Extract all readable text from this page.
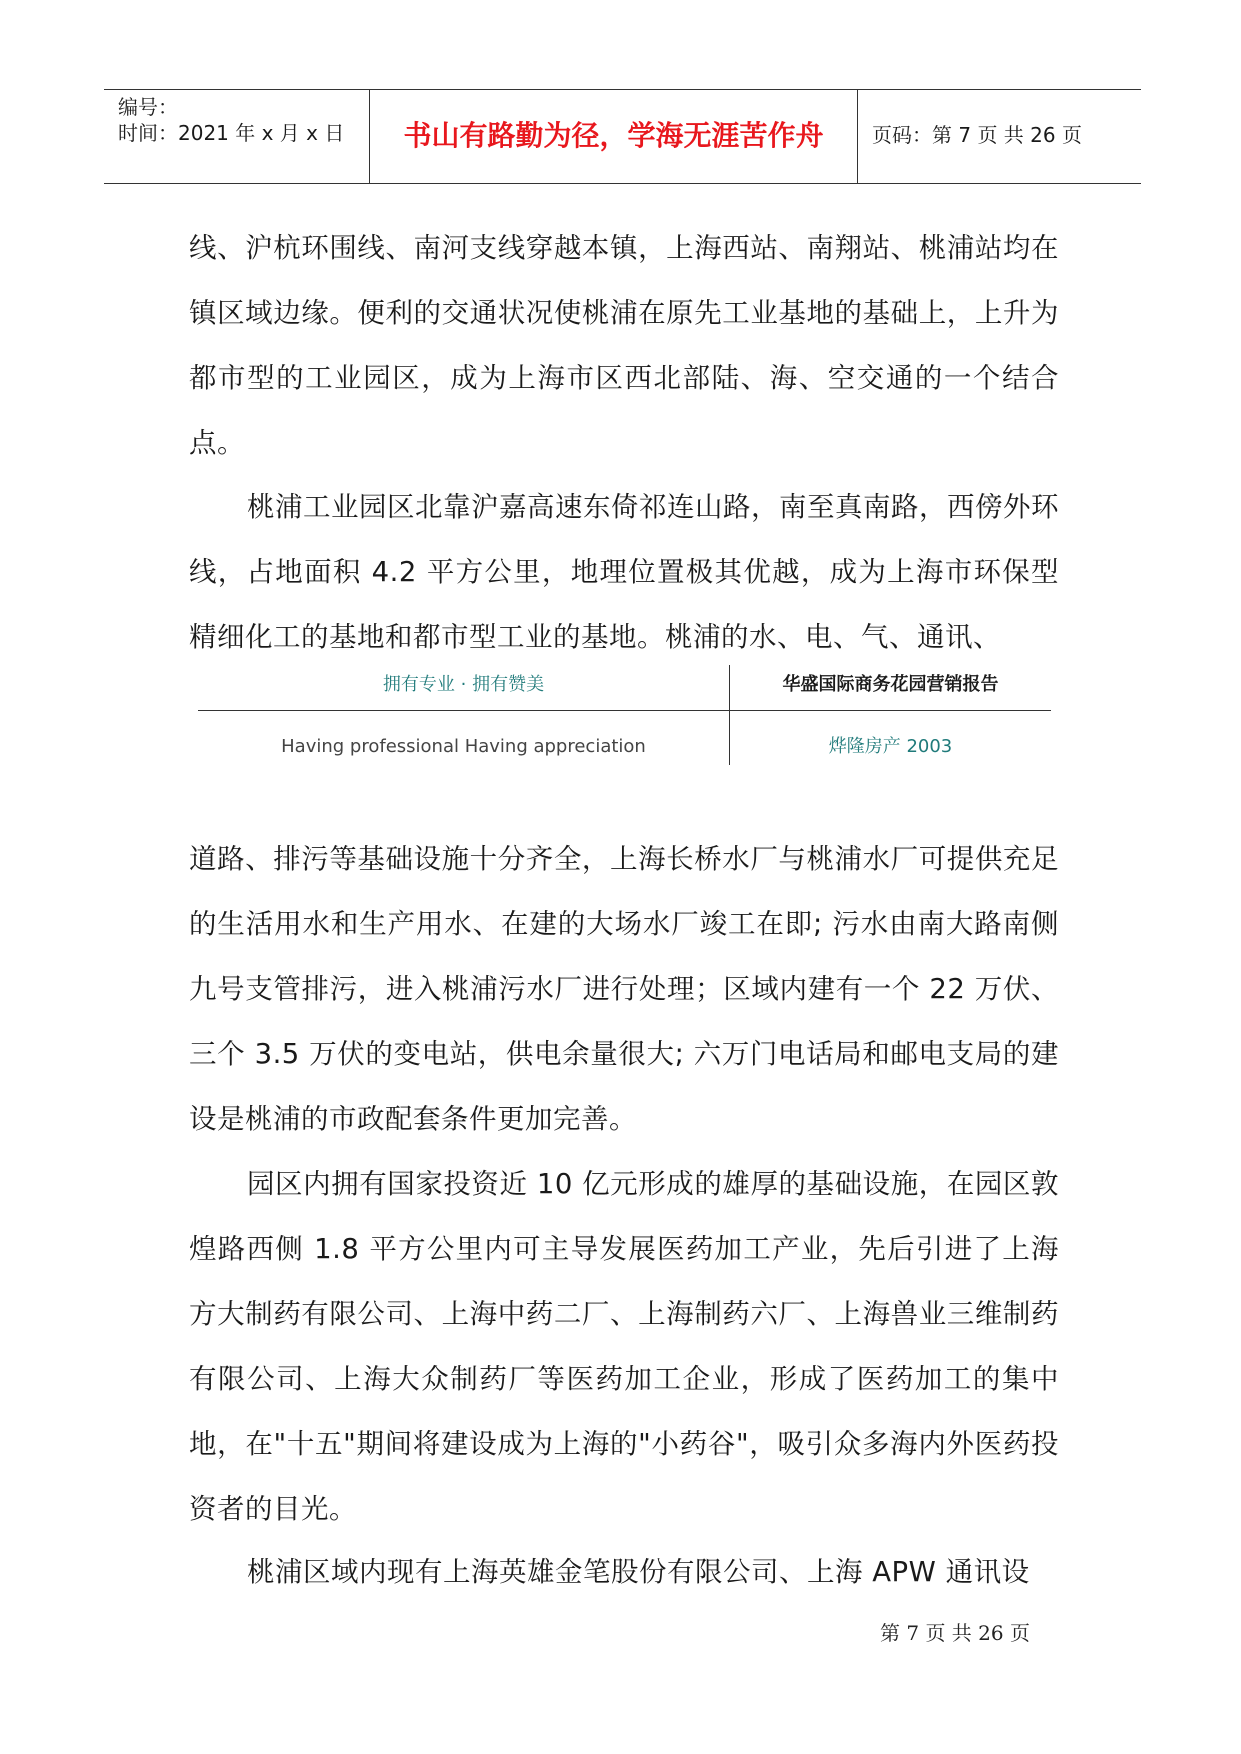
编号：
时间：2021 年 x 月 x 日	书山有路勤为径，学海无涯苦作舟	页码：第 7 页 共 26 页

线、沪杭环围线、南河支线穿越本镇，上海西站、南翔站、桃浦站均在镇区域边缘。便利的交通状况使桃浦在原先工业基地的基础上，上升为都市型的工业园区，成为上海市区西北部陆、海、空交通的一个结合点。

桃浦工业园区北靠沪嘉高速东倚祁连山路，南至真南路，西傍外环线，占地面积 4.2 平方公里，地理位置极其优越，成为上海市环保型精细化工的基地和都市型工业的基地。桃浦的水、电、气、通讯、

拥有专业 · 拥有赞美	华盛国际商务花园营销报告
Having professional Having appreciation	烨隆房产 2003

道路、排污等基础设施十分齐全，上海长桥水厂与桃浦水厂可提供充足的生活用水和生产用水、在建的大场水厂竣工在即; 污水由南大路南侧九号支管排污，进入桃浦污水厂进行处理；区域内建有一个 22 万伏、三个 3.5 万伏的变电站，供电余量很大; 六万门电话局和邮电支局的建设是桃浦的市政配套条件更加完善。

园区内拥有国家投资近 10 亿元形成的雄厚的基础设施，在园区敦煌路西侧 1.8 平方公里内可主导发展医药加工产业，先后引进了上海方大制药有限公司、上海中药二厂、上海制药六厂、上海兽业三维制药有限公司、上海大众制药厂等医药加工企业，形成了医药加工的集中地，在"十五"期间将建设成为上海的"小药谷"，吸引众多海内外医药投资者的目光。

桃浦区域内现有上海英雄金笔股份有限公司、上海 APW 通讯设

第 7 页 共 26 页
